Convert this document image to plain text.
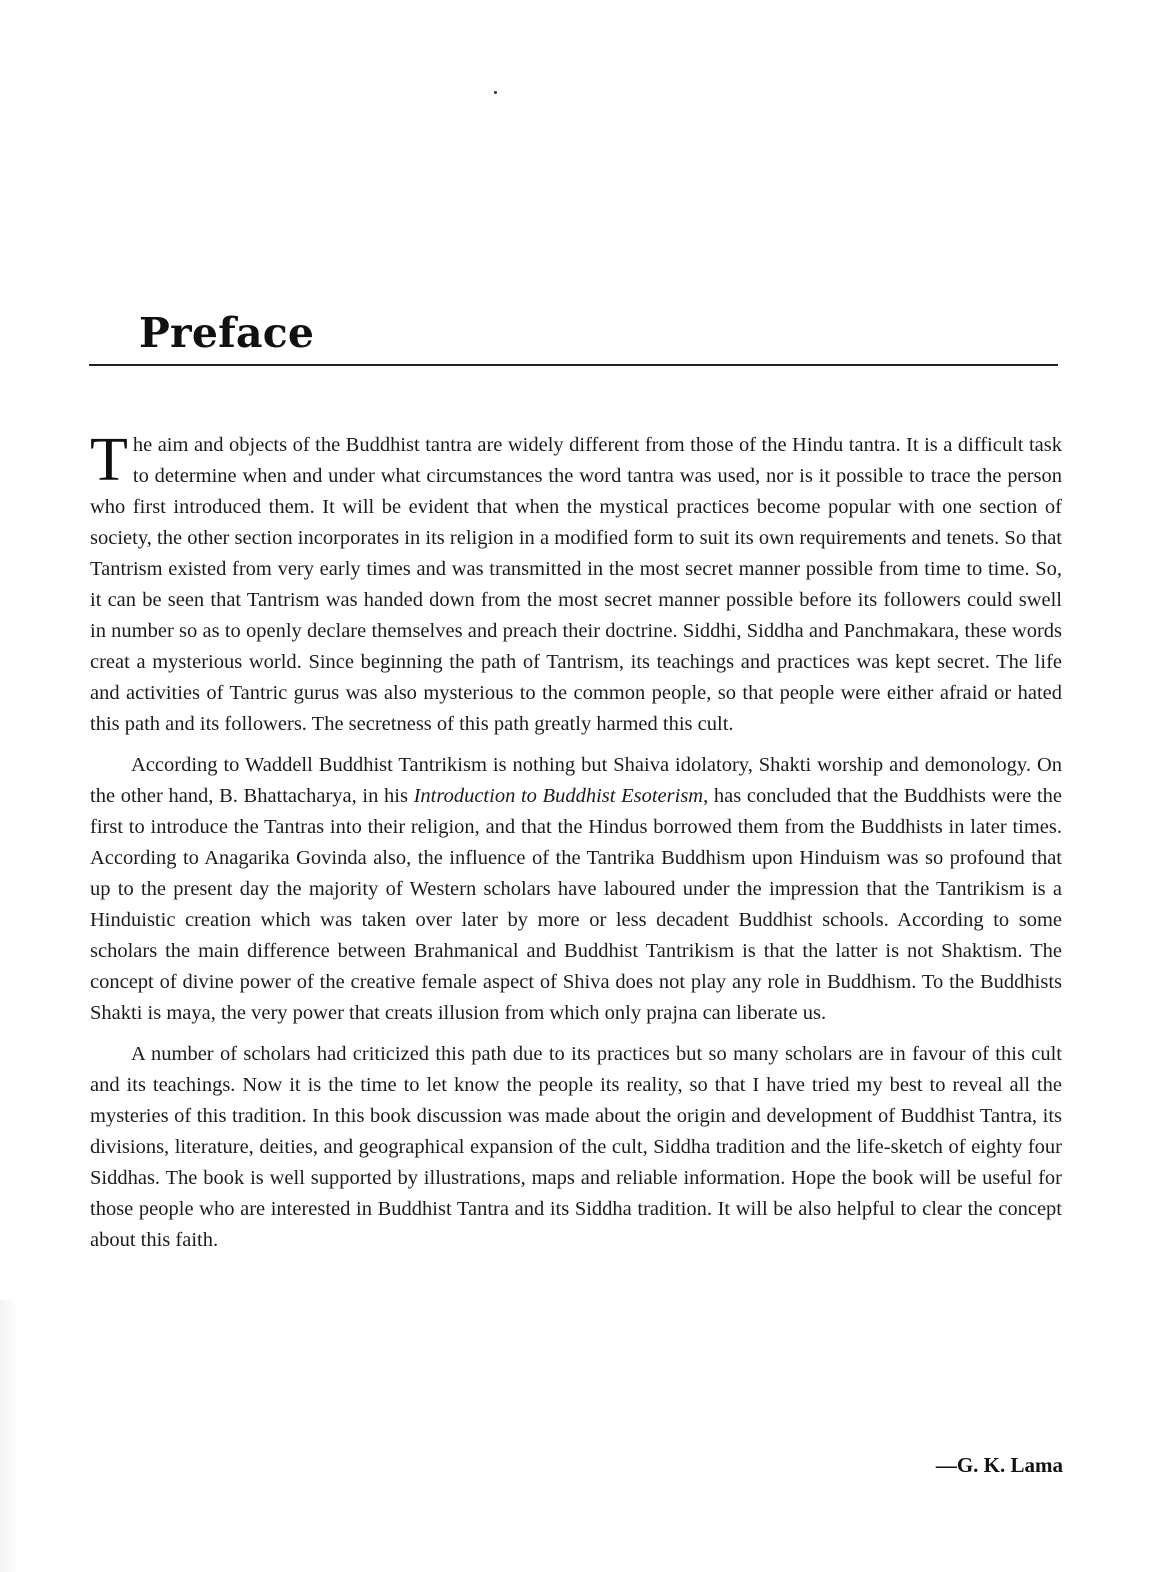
Preface

The aim and objects of the Buddhist tantra are widely different from those of the Hindu tantra. It is a difficult task to determine when and under what circumstances the word tantra was used, nor is it possible to trace the person who first introduced them. It will be evident that when the mystical practices become popular with one section of society, the other section incorporates in its religion in a modified form to suit its own requirements and tenets. So that Tantrism existed from very early times and was transmitted in the most secret manner possible from time to time. So, it can be seen that Tantrism was handed down from the most secret manner possible before its followers could swell in number so as to openly declare themselves and preach their doctrine. Siddhi, Siddha and Panchmakara, these words creat a mysterious world. Since beginning the path of Tantrism, its teachings and practices was kept secret. The life and activities of Tantric gurus was also mysterious to the common people, so that people were either afraid or hated this path and its followers. The secretness of this path greatly harmed this cult.

According to Waddell Buddhist Tantrikism is nothing but Shaiva idolatory, Shakti worship and demonology. On the other hand, B. Bhattacharya, in his Introduction to Buddhist Esoterism, has concluded that the Buddhists were the first to introduce the Tantras into their religion, and that the Hindus borrowed them from the Buddhists in later times. According to Anagarika Govinda also, the influence of the Tantrika Buddhism upon Hinduism was so profound that up to the present day the majority of Western scholars have laboured under the impression that the Tantrikism is a Hinduistic creation which was taken over later by more or less decadent Buddhist schools. According to some scholars the main difference between Brahmanical and Buddhist Tantrikism is that the latter is not Shaktism. The concept of divine power of the creative female aspect of Shiva does not play any role in Buddhism. To the Buddhists Shakti is maya, the very power that creats illusion from which only prajna can liberate us.

A number of scholars had criticized this path due to its practices but so many scholars are in favour of this cult and its teachings. Now it is the time to let know the people its reality, so that I have tried my best to reveal all the mysteries of this tradition. In this book discussion was made about the origin and development of Buddhist Tantra, its divisions, literature, deities, and geographical expansion of the cult, Siddha tradition and the life-sketch of eighty four Siddhas. The book is well supported by illustrations, maps and reliable information. Hope the book will be useful for those people who are interested in Buddhist Tantra and its Siddha tradition. It will be also helpful to clear the concept about this faith.

—G. K. Lama
